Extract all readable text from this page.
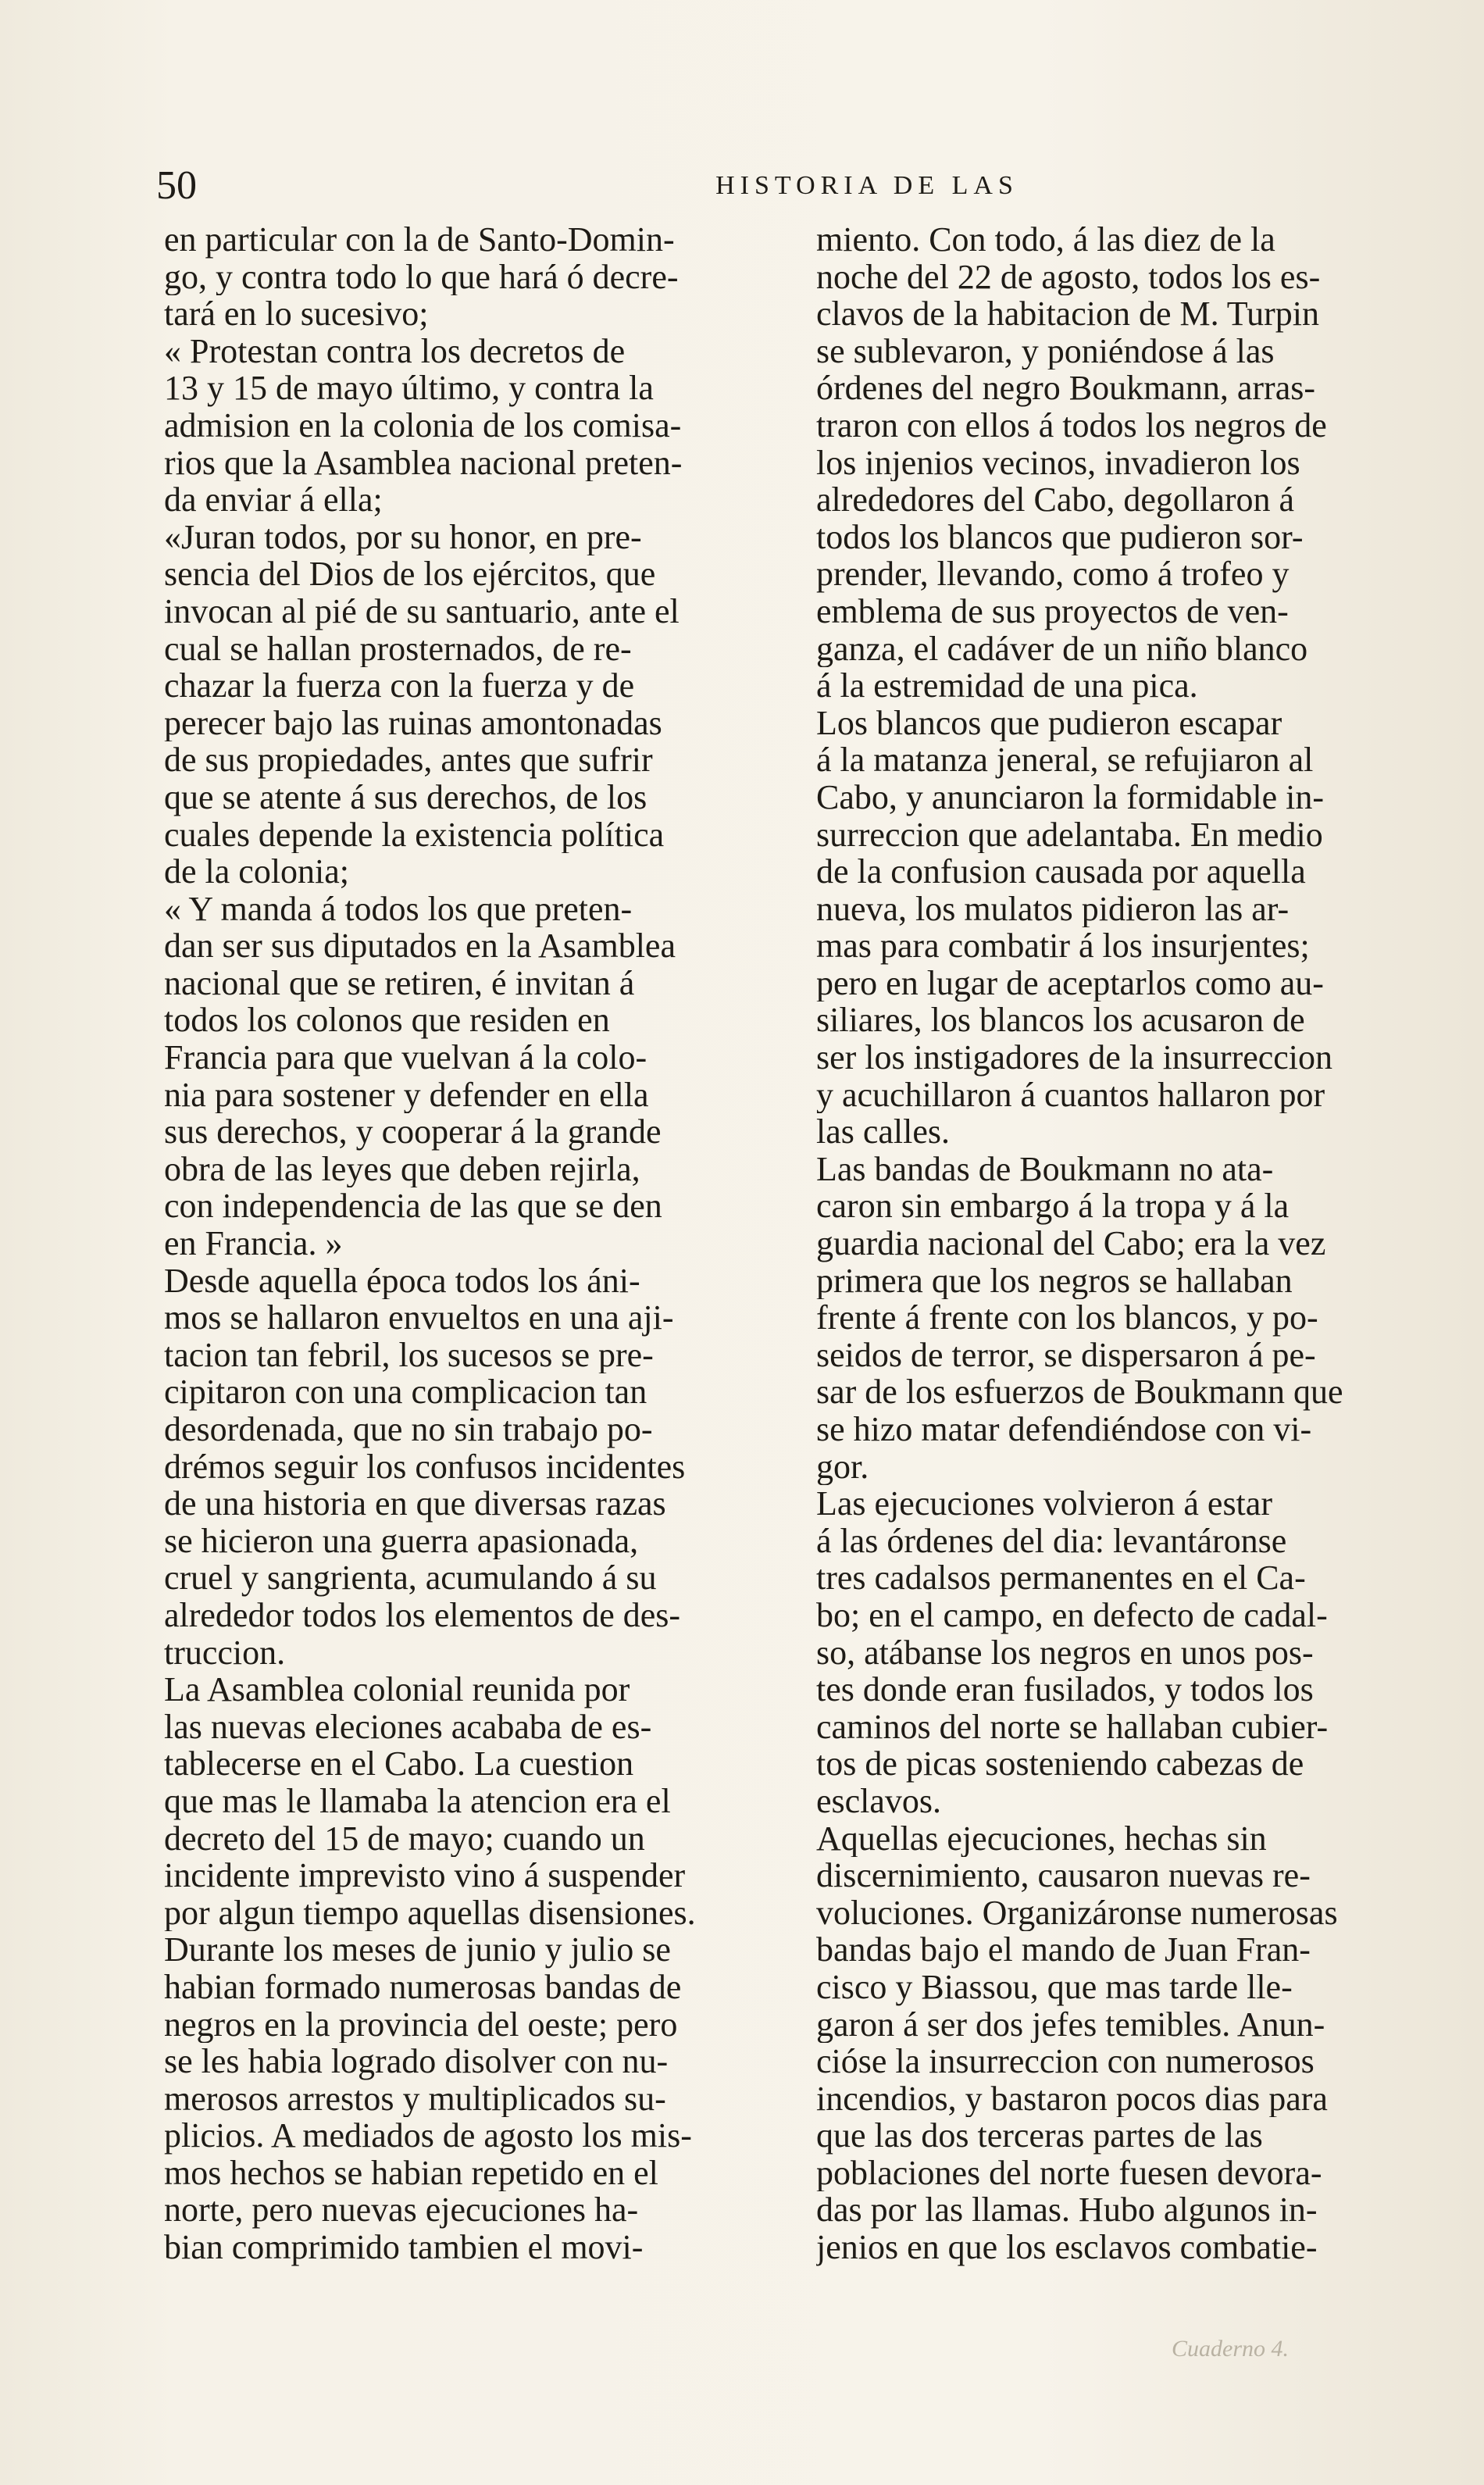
50	HISTORIA DE LAS
en particular con la de Santo-Domin-
go, y contra todo lo que hará ó decre-
tará en lo sucesivo;
« Protestan contra los decretos de
13 y 15 de mayo último, y contra la
admision en la colonia de los comisa-
rios que la Asamblea nacional preten-
da enviar á ella;
«Juran todos, por su honor, en pre-
sencia del Dios de los ejércitos, que
invocan al pié de su santuario, ante el
cual se hallan prosternados, de re-
chazar la fuerza con la fuerza y de
perecer bajo las ruinas amontonadas
de sus propiedades, antes que sufrir
que se atente á sus derechos, de los
cuales depende la existencia política
de la colonia;
« Y manda á todos los que preten-
dan ser sus diputados en la Asamblea
nacional que se retiren, é invitan á
todos los colonos que residen en
Francia para que vuelvan á la colo-
nia para sostener y defender en ella
sus derechos, y cooperar á la grande
obra de las leyes que deben rejirla,
con independencia de las que se den
en Francia. »
Desde aquella época todos los áni-
mos se hallaron envueltos en una aji-
tacion tan febril, los sucesos se pre-
cipitaron con una complicacion tan
desordenada, que no sin trabajo po-
drémos seguir los confusos incidentes
de una historia en que diversas razas
se hicieron una guerra apasionada,
cruel y sangrienta, acumulando á su
alrededor todos los elementos de des-
truccion.
La Asamblea colonial reunida por
las nuevas eleciones acababa de es-
tablecerse en el Cabo. La cuestion
que mas le llamaba la atencion era el
decreto del 15 de mayo; cuando un
incidente imprevisto vino á suspender
por algun tiempo aquellas disensiones.
Durante los meses de junio y julio se
habian formado numerosas bandas de
negros en la provincia del oeste; pero
se les habia logrado disolver con nu-
merosos arrestos y multiplicados su-
plicios. A mediados de agosto los mis-
mos hechos se habian repetido en el
norte, pero nuevas ejecuciones ha-
bian comprimido tambien el movi-
miento. Con todo, á las diez de la
noche del 22 de agosto, todos los es-
clavos de la habitacion de M. Turpin
se sublevaron, y poniéndose á las
órdenes del negro Boukmann, arras-
traron con ellos á todos los negros de
los injenios vecinos, invadieron los
alrededores del Cabo, degollaron á
todos los blancos que pudieron sor-
prender, llevando, como á trofeo y
emblema de sus proyectos de ven-
ganza, el cadáver de un niño blanco
á la estremidad de una pica.
Los blancos que pudieron escapar
á la matanza jeneral, se refujiaron al
Cabo, y anunciaron la formidable in-
surreccion que adelantaba. En medio
de la confusion causada por aquella
nueva, los mulatos pidieron las ar-
mas para combatir á los insurjentes;
pero en lugar de aceptarlos como au-
siliares, los blancos los acusaron de
ser los instigadores de la insurreccion
y acuchillaron á cuantos hallaron por
las calles.
Las bandas de Boukmann no ata-
caron sin embargo á la tropa y á la
guardia nacional del Cabo; era la vez
primera que los negros se hallaban
frente á frente con los blancos, y po-
seidos de terror, se dispersaron á pe-
sar de los esfuerzos de Boukmann que
se hizo matar defendiéndose con vi-
gor.
Las ejecuciones volvieron á estar
á las órdenes del dia: levantáronse
tres cadalsos permanentes en el Ca-
bo; en el campo, en defecto de cadal-
so, atábanse los negros en unos pos-
tes donde eran fusilados, y todos los
caminos del norte se hallaban cubier-
tos de picas sosteniendo cabezas de
esclavos.
Aquellas ejecuciones, hechas sin
discernimiento, causaron nuevas re-
voluciones. Organizáronse numerosas
bandas bajo el mando de Juan Fran-
cisco y Biassou, que mas tarde lle-
garon á ser dos jefes temibles. Anun-
cióse la insurreccion con numerosos
incendios, y bastaron pocos dias para
que las dos terceras partes de las
poblaciones del norte fuesen devora-
das por las llamas. Hubo algunos in-
jenios en que los esclavos combatie-
Cuaderno 4.
